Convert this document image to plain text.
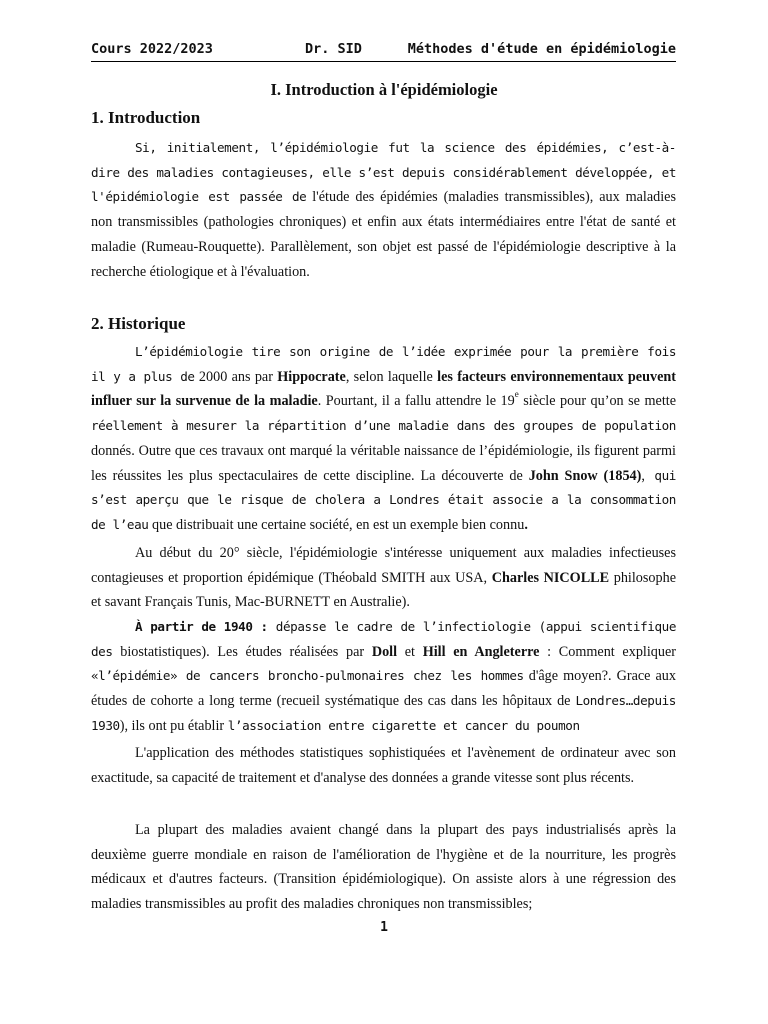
Cours 2022/2023	Dr. SID	Méthodes d'étude en épidémiologie
I. Introduction à l'épidémiologie
1. Introduction

Si, initialement, l’épidémiologie fut la science des épidémies, c’est-à-dire des maladies contagieuses, elle s’est depuis considérablement développée, et l'épidémiologie est passée de l'étude des épidémies (maladies transmissibles), aux maladies non transmissibles (pathologies chroniques) et enfin aux états intermédiaires entre l'état de santé et maladie (Rumeau-Rouquette). Parallèlement, son objet est passé de l'épidémiologie descriptive à la recherche étiologique et à l'évaluation.

2. Historique

L’épidémiologie tire son origine de l’idée exprimée pour la première fois il y a plus de 2000 ans par Hippocrate, selon laquelle les facteurs environnementaux peuvent influer sur la survenue de la maladie. Pourtant, il a fallu attendre le 19e siècle pour qu’on se mette réellement à mesurer la répartition d’une maladie dans des groupes de population donnés. Outre que ces travaux ont marqué la véritable naissance de l’épidémiologie, ils figurent parmi les réussites les plus spectaculaires de cette discipline. La découverte de John Snow (1854), qui s’est aperçu que le risque de cholera a Londres était associe a la consommation de l’eau que distribuait une certaine société, en est un exemple bien connu.

Au début du 20° siècle, l'épidémiologie s'intéresse uniquement aux maladies infectieuses contagieuses et proportion épidémique (Théobald SMITH aux USA, Charles NICOLLE philosophe et savant Français Tunis, Mac-BURNETT en Australie).

À partir de 1940 : dépasse le cadre de l’infectiologie (appui scientifique des biostatistiques). Les études réalisées par Doll et Hill en Angleterre : Comment expliquer «l’épidémie» de cancers broncho-pulmonaires chez les hommes d'âge moyen?. Grace aux études de cohorte a long terme (recueil systématique des cas dans les hôpitaux de Londres…depuis 1930), ils ont pu établir l’association entre cigarette et cancer du poumon

L'application des méthodes statistiques sophistiquées et l'avènement de ordinateur avec son exactitude, sa capacité de traitement et d'analyse des données a grande vitesse sont plus récents.

La plupart des maladies avaient changé dans la plupart des pays industrialisés après la deuxième guerre mondiale en raison de l'amélioration de l'hygiène et de la nourriture, les progrès médicaux et d'autres facteurs. (Transition épidémiologique). On assiste alors à une régression des maladies transmissibles au profit des maladies chroniques non transmissibles;

1
